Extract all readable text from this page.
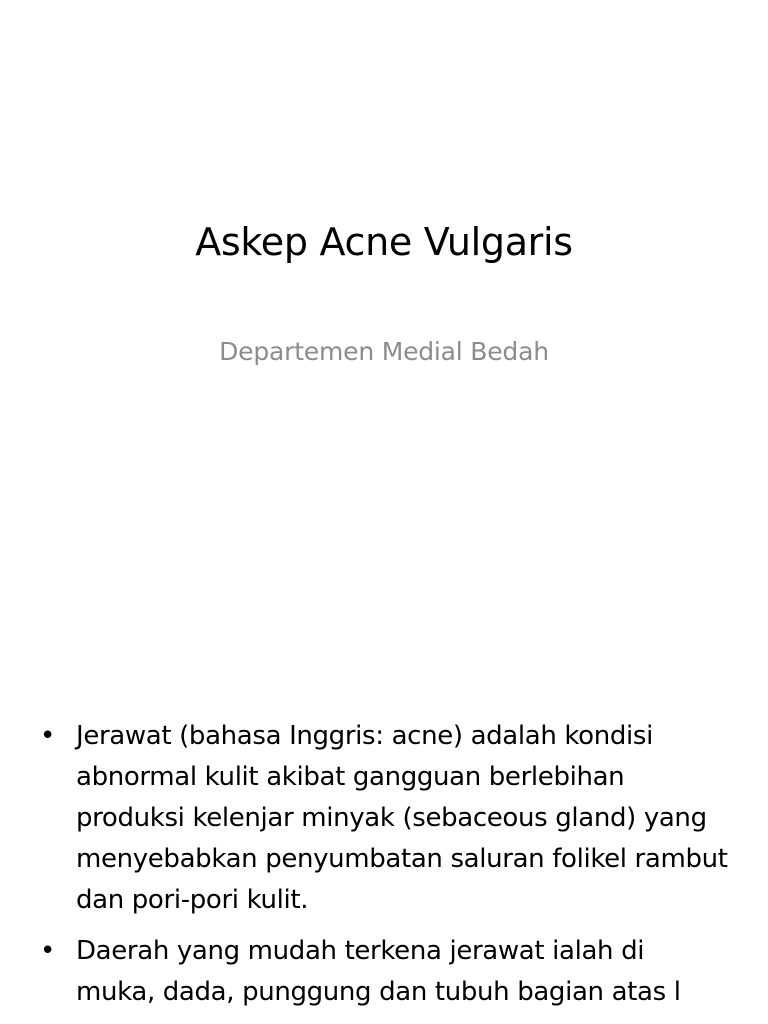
Askep Acne Vulgaris
Departemen Medial Bedah
• Jerawat (bahasa Inggris: acne) adalah kondisi abnormal kulit akibat gangguan berlebihan produksi kelenjar minyak (sebaceous gland) yang menyebabkan penyumbatan saluran folikel rambut dan pori-pori kulit.
• Daerah yang mudah terkena jerawat ialah di muka, dada, punggung dan tubuh bagian atas l
